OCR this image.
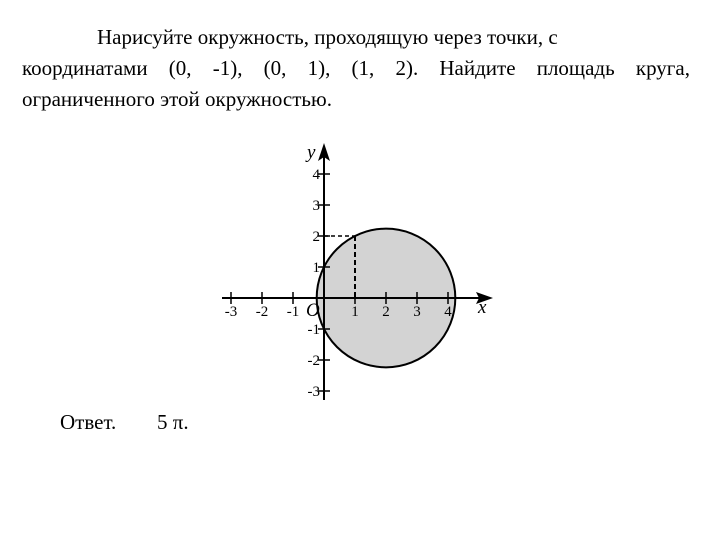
Нарисуйте окружность, проходящую через точки, с
координатами (0, -1), (0, 1), (1, 2). Найдите площадь круга,
ограниченного этой окружностью.
-3 -2 -1	1 2 3 4
4
3
2
1
-1
-2
-3
x
y
O
Ответ. 5 π.
